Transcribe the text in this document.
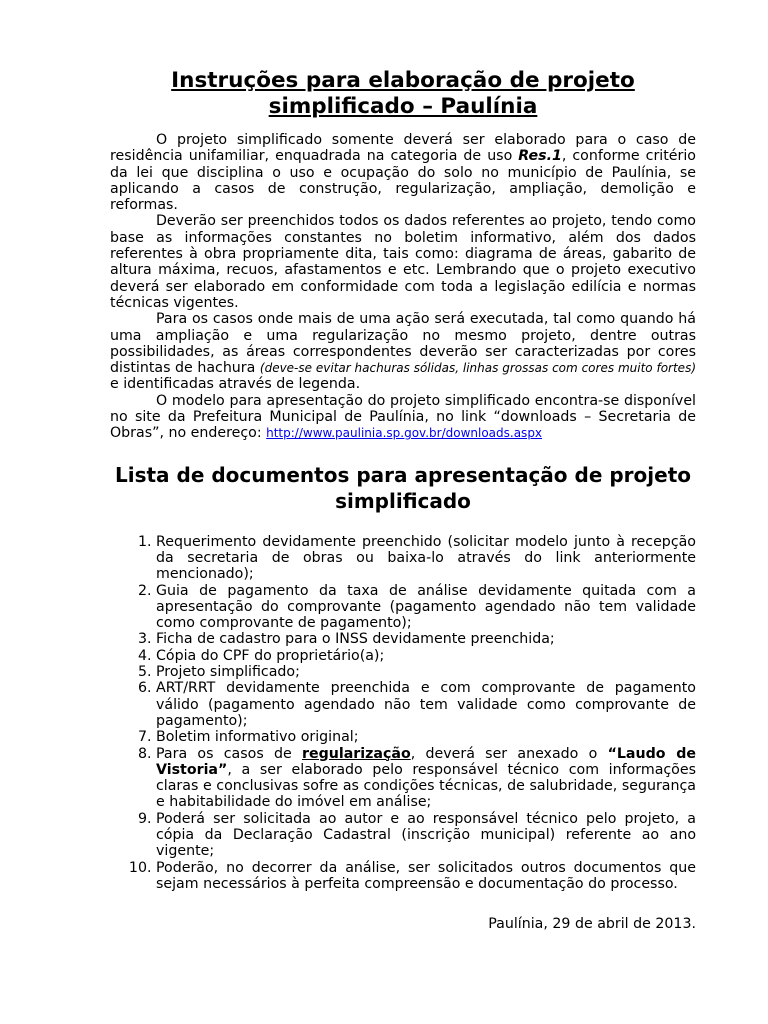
Instruções para elaboração de projeto simplificado – Paulínia

O projeto simplificado somente deverá ser elaborado para o caso de residência unifamiliar, enquadrada na categoria de uso Res.1, conforme critério da lei que disciplina o uso e ocupação do solo no município de Paulínia, se aplicando a casos de construção, regularização, ampliação, demolição e reformas.

Deverão ser preenchidos todos os dados referentes ao projeto, tendo como base as informações constantes no boletim informativo, além dos dados referentes à obra propriamente dita, tais como: diagrama de áreas, gabarito de altura máxima, recuos, afastamentos e etc. Lembrando que o projeto executivo deverá ser elaborado em conformidade com toda a legislação edilícia e normas técnicas vigentes.

Para os casos onde mais de uma ação será executada, tal como quando há uma ampliação e uma regularização no mesmo projeto, dentre outras possibilidades, as áreas correspondentes deverão ser caracterizadas por cores distintas de hachura (deve-se evitar hachuras sólidas, linhas grossas com cores muito fortes) e identificadas através de legenda.

O modelo para apresentação do projeto simplificado encontra-se disponível no site da Prefeitura Municipal de Paulínia, no link “downloads – Secretaria de Obras”, no endereço: http://www.paulinia.sp.gov.br/downloads.aspx

Lista de documentos para apresentação de projeto simplificado
1. Requerimento devidamente preenchido (solicitar modelo junto à recepção da secretaria de obras ou baixa-lo através do link anteriormente mencionado);
2. Guia de pagamento da taxa de análise devidamente quitada com a apresentação do comprovante (pagamento agendado não tem validade como comprovante de pagamento);
3. Ficha de cadastro para o INSS devidamente preenchida;
4. Cópia do CPF do proprietário(a);
5. Projeto simplificado;
6. ART/RRT devidamente preenchida e com comprovante de pagamento válido (pagamento agendado não tem validade como comprovante de pagamento);
7. Boletim informativo original;
8. Para os casos de regularização, deverá ser anexado o “Laudo de Vistoria”, a ser elaborado pelo responsável técnico com informações claras e conclusivas sofre as condições técnicas, de salubridade, segurança e habitabilidade do imóvel em análise;
9. Poderá ser solicitada ao autor e ao responsável técnico pelo projeto, a cópia da Declaração Cadastral (inscrição municipal) referente ao ano vigente;
10. Poderão, no decorrer da análise, ser solicitados outros documentos que sejam necessários à perfeita compreensão e documentação do processo.
Paulínia, 29 de abril de 2013.
